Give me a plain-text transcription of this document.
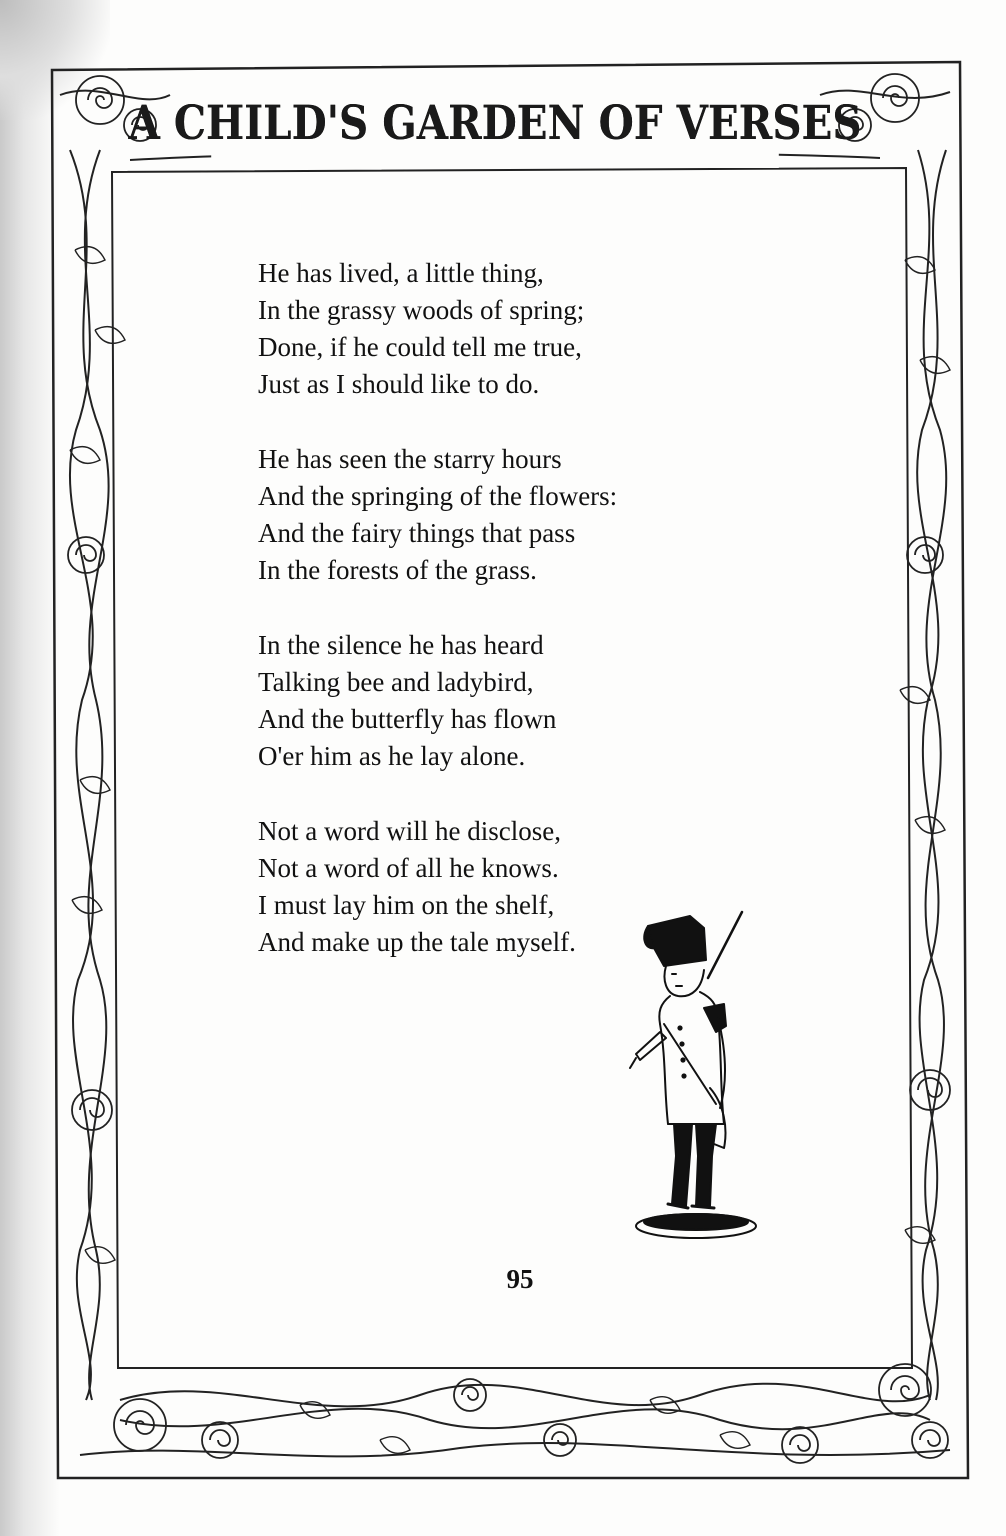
A CHILD'S GARDEN OF VERSES
He has lived, a little thing,
In the grassy woods of spring;
Done, if he could tell me true,
Just as I should like to do.
He has seen the starry hours
And the springing of the flowers:
And the fairy things that pass
In the forests of the grass.
In the silence he has heard
Talking bee and ladybird,
And the butterfly has flown
O'er him as he lay alone.
Not a word will he disclose,
Not a word of all he knows.
I must lay him on the shelf,
And make up the tale myself.
95
